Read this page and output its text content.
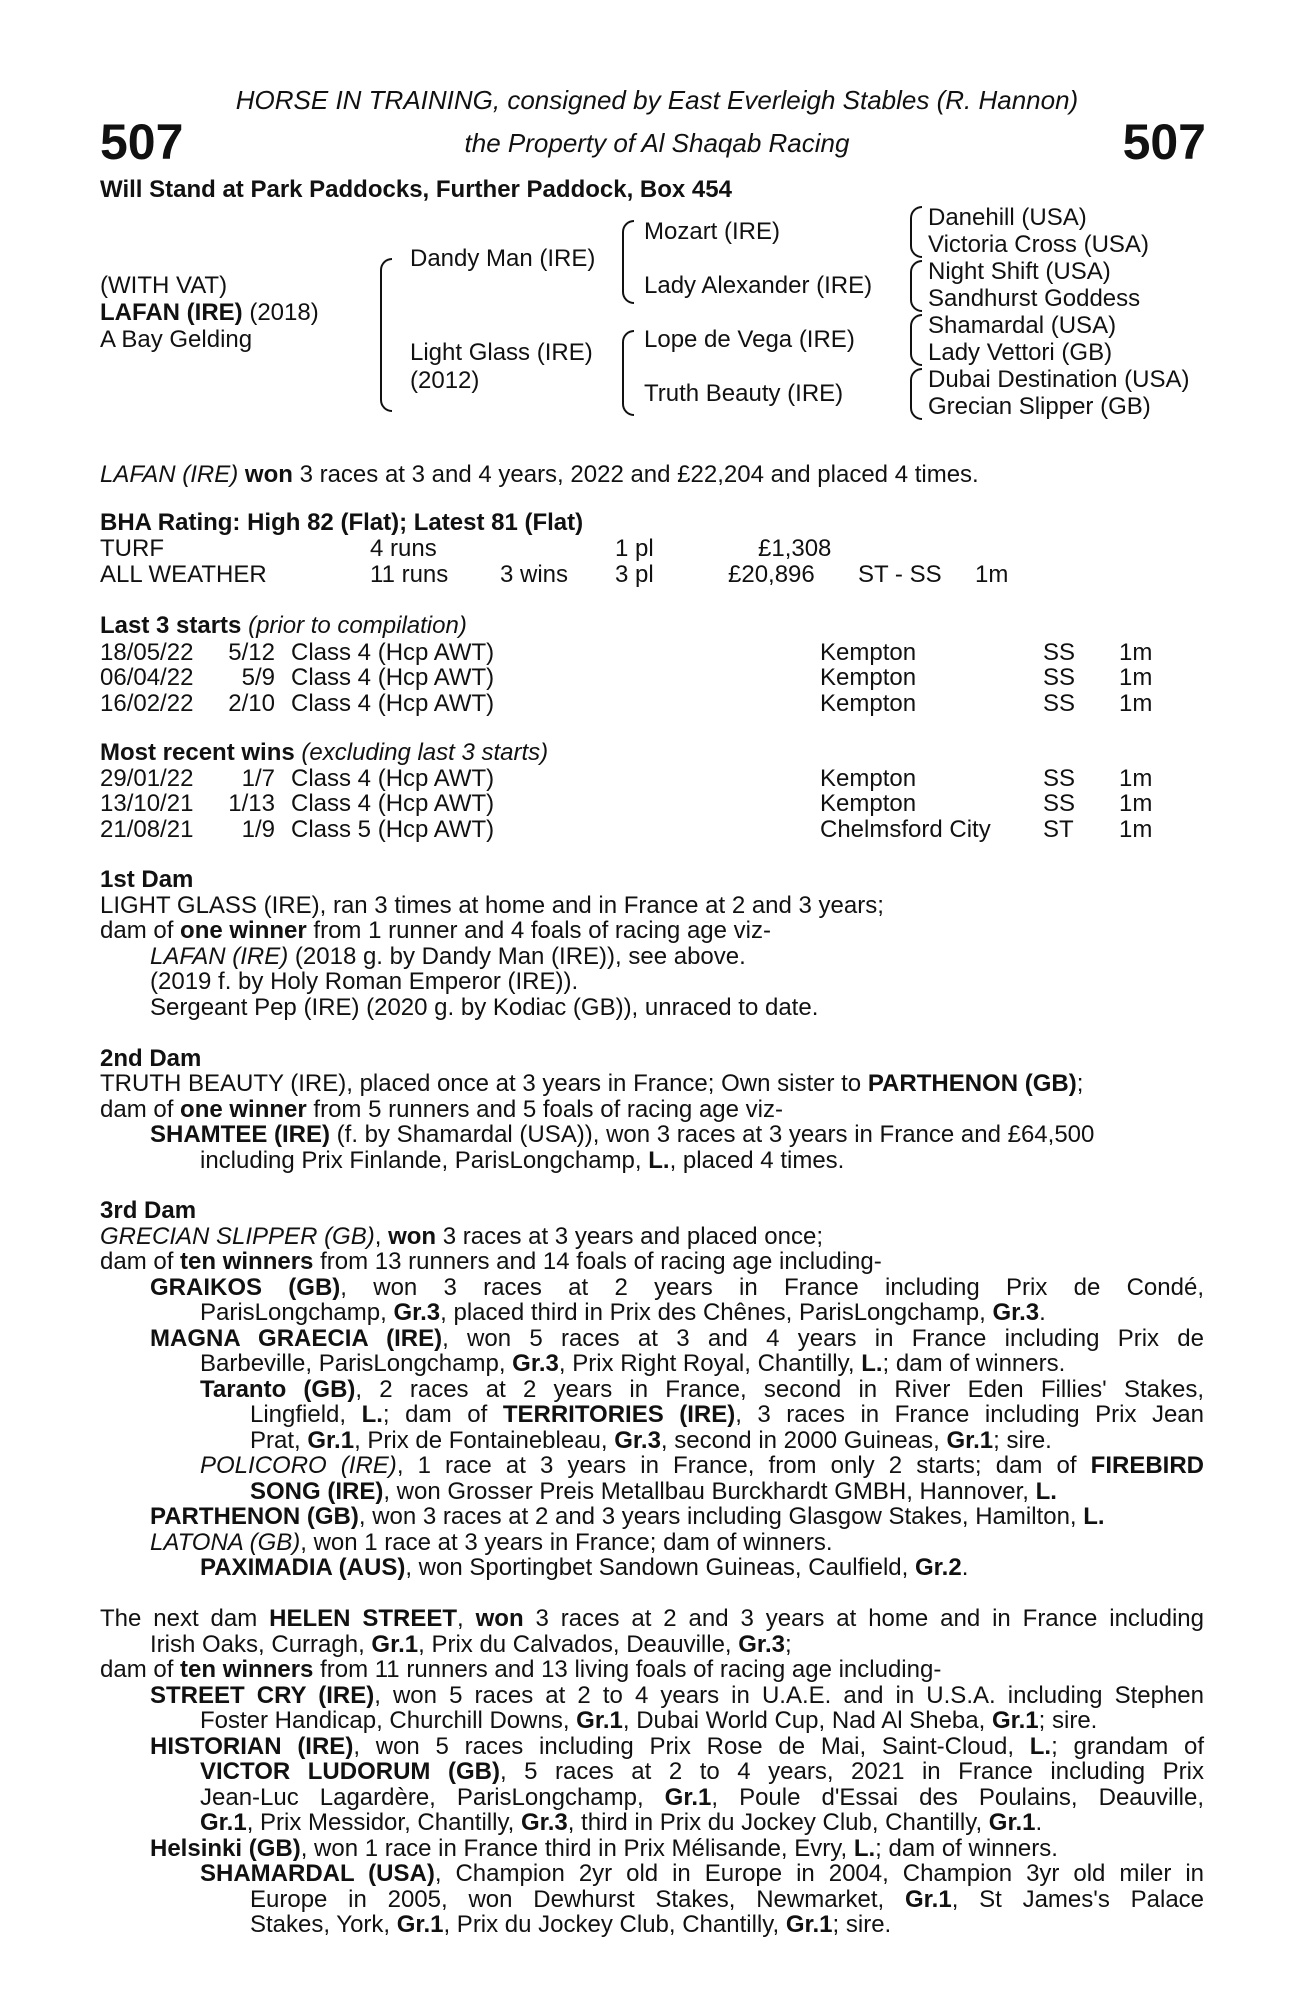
HORSE IN TRAINING, consigned by East Everleigh Stables (R. Hannon)
507	the Property of Al Shaqab Racing	507
Will Stand at Park Paddocks, Further Paddock, Box 454
(WITH VAT)
LAFAN (IRE) (2018)
A Bay Gelding
Dandy Man (IRE)
Light Glass (IRE)
(2012)
Mozart (IRE)
Lady Alexander (IRE)
Lope de Vega (IRE)
Truth Beauty (IRE)
Danehill (USA)
Victoria Cross (USA)
Night Shift (USA)
Sandhurst Goddess
Shamardal (USA)
Lady Vettori (GB)
Dubai Destination (USA)
Grecian Slipper (GB)
LAFAN (IRE) won 3 races at 3 and 4 years, 2022 and £22,204 and placed 4 times.
BHA Rating: High 82 (Flat); Latest 81 (Flat)
TURF	4 runs	1 pl	£1,308
ALL WEATHER	11 runs 3 wins 3 pl	£20,896 ST - SS 1m
Last 3 starts (prior to compilation)
18/05/22 5/12 Class 4 (Hcp AWT)	Kempton	SS 1m
06/04/22	5/9 Class 4 (Hcp AWT)	Kempton	SS 1m
16/02/22 2/10 Class 4 (Hcp AWT)	Kempton	SS 1m
Most recent wins (excluding last 3 starts)
29/01/22	1/7 Class 4 (Hcp AWT)	Kempton	SS 1m
13/10/21 1/13 Class 4 (Hcp AWT)	Kempton	SS 1m
21/08/21	1/9 Class 5 (Hcp AWT)	Chelmsford City ST 1m
1st Dam
LIGHT GLASS (IRE), ran 3 times at home and in France at 2 and 3 years;
dam of one winner from 1 runner and 4 foals of racing age viz-
LAFAN (IRE) (2018 g. by Dandy Man (IRE)), see above.
(2019 f. by Holy Roman Emperor (IRE)).
Sergeant Pep (IRE) (2020 g. by Kodiac (GB)), unraced to date.
2nd Dam
TRUTH BEAUTY (IRE), placed once at 3 years in France; Own sister to PARTHENON (GB);
dam of one winner from 5 runners and 5 foals of racing age viz-
SHAMTEE (IRE) (f. by Shamardal (USA)), won 3 races at 3 years in France and £64,500
including Prix Finlande, ParisLongchamp, L., placed 4 times.
3rd Dam
GRECIAN SLIPPER (GB), won 3 races at 3 years and placed once;
dam of ten winners from 13 runners and 14 foals of racing age including-
GRAIKOS (GB), won 3 races at 2 years in France including Prix de Condé,
ParisLongchamp, Gr.3, placed third in Prix des Chênes, ParisLongchamp, Gr.3.
MAGNA GRAECIA (IRE), won 5 races at 3 and 4 years in France including Prix de
Barbeville, ParisLongchamp, Gr.3, Prix Right Royal, Chantilly, L.; dam of winners.
Taranto (GB), 2 races at 2 years in France, second in River Eden Fillies' Stakes,
Lingfield, L.; dam of TERRITORIES (IRE), 3 races in France including Prix Jean
Prat, Gr.1, Prix de Fontainebleau, Gr.3, second in 2000 Guineas, Gr.1; sire.
POLICORO (IRE), 1 race at 3 years in France, from only 2 starts; dam of FIREBIRD
SONG (IRE), won Grosser Preis Metallbau Burckhardt GMBH, Hannover, L.
PARTHENON (GB), won 3 races at 2 and 3 years including Glasgow Stakes, Hamilton, L.
LATONA (GB), won 1 race at 3 years in France; dam of winners.
PAXIMADIA (AUS), won Sportingbet Sandown Guineas, Caulfield, Gr.2.
The next dam HELEN STREET, won 3 races at 2 and 3 years at home and in France including
Irish Oaks, Curragh, Gr.1, Prix du Calvados, Deauville, Gr.3;
dam of ten winners from 11 runners and 13 living foals of racing age including-
STREET CRY (IRE), won 5 races at 2 to 4 years in U.A.E. and in U.S.A. including Stephen
Foster Handicap, Churchill Downs, Gr.1, Dubai World Cup, Nad Al Sheba, Gr.1; sire.
HISTORIAN (IRE), won 5 races including Prix Rose de Mai, Saint-Cloud, L.; grandam of
VICTOR LUDORUM (GB), 5 races at 2 to 4 years, 2021 in France including Prix
Jean-Luc Lagardère, ParisLongchamp, Gr.1, Poule d'Essai des Poulains, Deauville,
Gr.1, Prix Messidor, Chantilly, Gr.3, third in Prix du Jockey Club, Chantilly, Gr.1.
Helsinki (GB), won 1 race in France third in Prix Mélisande, Evry, L.; dam of winners.
SHAMARDAL (USA), Champion 2yr old in Europe in 2004, Champion 3yr old miler in
Europe in 2005, won Dewhurst Stakes, Newmarket, Gr.1, St James's Palace
Stakes, York, Gr.1, Prix du Jockey Club, Chantilly, Gr.1; sire.
